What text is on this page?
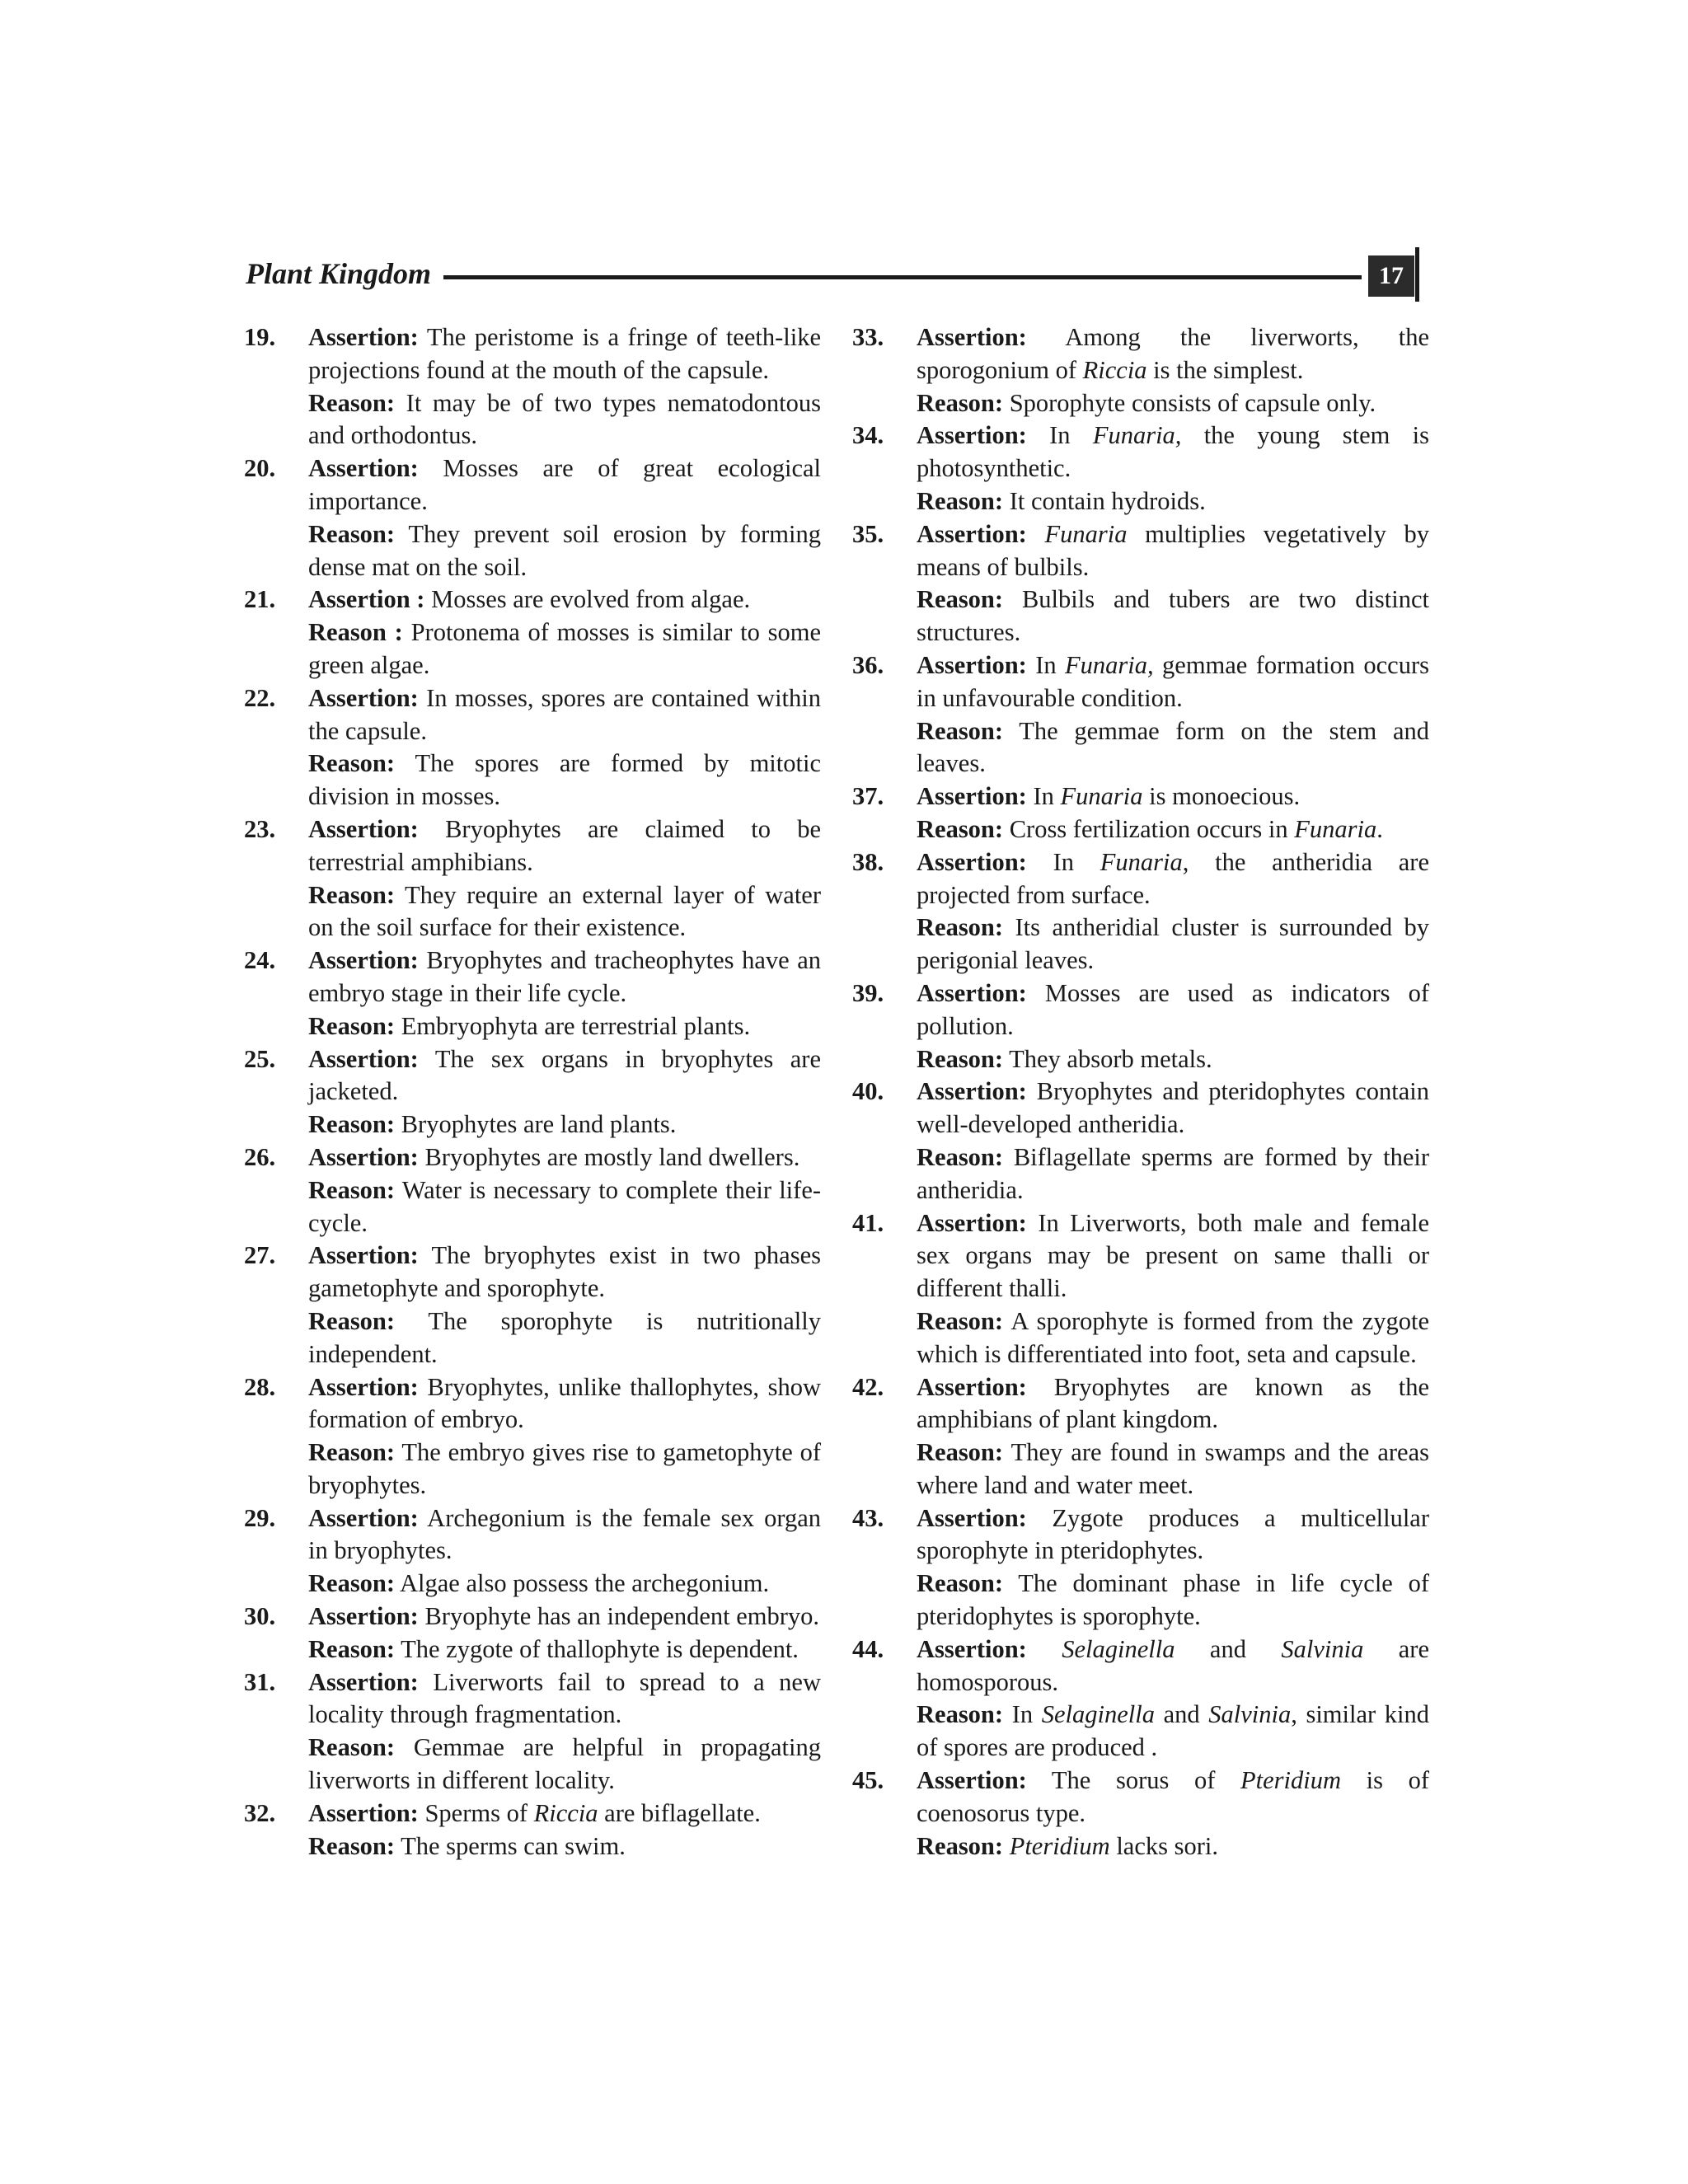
Plant Kingdom	17
19. Assertion: The peristome is a fringe of teeth-like projections found at the mouth of the capsule.

Reason: It may be of two types nematodontous and orthodontus.

20. Assertion: Mosses are of great ecological importance.

Reason: They prevent soil erosion by forming dense mat on the soil.

21. Assertion : Mosses are evolved from algae.

Reason : Protonema of mosses is similar to some green algae.

22. Assertion: In mosses, spores are contained within the capsule.

Reason: The spores are formed by mitotic division in mosses.

23. Assertion: Bryophytes are claimed to be terrestrial amphibians.

Reason: They require an external layer of water on the soil surface for their existence.

24. Assertion: Bryophytes and tracheophytes have an embryo stage in their life cycle.

Reason: Embryophyta are terrestrial plants.

25. Assertion: The sex organs in bryophytes are jacketed.

Reason: Bryophytes are land plants.

26. Assertion: Bryophytes are mostly land dwellers.

Reason: Water is necessary to complete their life-cycle.

27. Assertion: The bryophytes exist in two phases gametophyte and sporophyte.

Reason: The sporophyte is nutritionally independent.

28. Assertion: Bryophytes, unlike thallophytes, show formation of embryo.

Reason: The embryo gives rise to gametophyte of bryophytes.

29. Assertion: Archegonium is the female sex organ in bryophytes.

Reason: Algae also possess the archegonium.

30. Assertion: Bryophyte has an independent embryo.

Reason: The zygote of thallophyte is dependent.

31. Assertion: Liverworts fail to spread to a new locality through fragmentation.

Reason: Gemmae are helpful in propagating liverworts in different locality.

32. Assertion: Sperms of Riccia are biflagellate.

Reason: The sperms can swim.

33. Assertion: Among the liverworts, the sporogonium of Riccia is the simplest.

Reason: Sporophyte consists of capsule only.

34. Assertion: In Funaria, the young stem is photosynthetic.

Reason: It contain hydroids.

35. Assertion: Funaria multiplies vegetatively by means of bulbils.

Reason: Bulbils and tubers are two distinct structures.

36. Assertion: In Funaria, gemmae formation occurs in unfavourable condition.

Reason: The gemmae form on the stem and leaves.

37. Assertion: In Funaria is monoecious.

Reason: Cross fertilization occurs in Funaria.

38. Assertion: In Funaria, the antheridia are projected from surface.

Reason: Its antheridial cluster is surrounded by perigonial leaves.

39. Assertion: Mosses are used as indicators of pollution.

Reason: They absorb metals.

40. Assertion: Bryophytes and pteridophytes contain well-developed antheridia.

Reason: Biflagellate sperms are formed by their antheridia.

41. Assertion: In Liverworts, both male and female sex organs may be present on same thalli or different thalli.

Reason: A sporophyte is formed from the zygote which is differentiated into foot, seta and capsule.

42. Assertion: Bryophytes are known as the amphibians of plant kingdom.

Reason: They are found in swamps and the areas where land and water meet.

43. Assertion: Zygote produces a multicellular sporophyte in pteridophytes.

Reason: The dominant phase in life cycle of pteridophytes is sporophyte.

44. Assertion: Selaginella and Salvinia are homosporous.

Reason: In Selaginella and Salvinia, similar kind of spores are produced .

45. Assertion: The sorus of Pteridium is of coenosorus type.

Reason: Pteridium lacks sori.
